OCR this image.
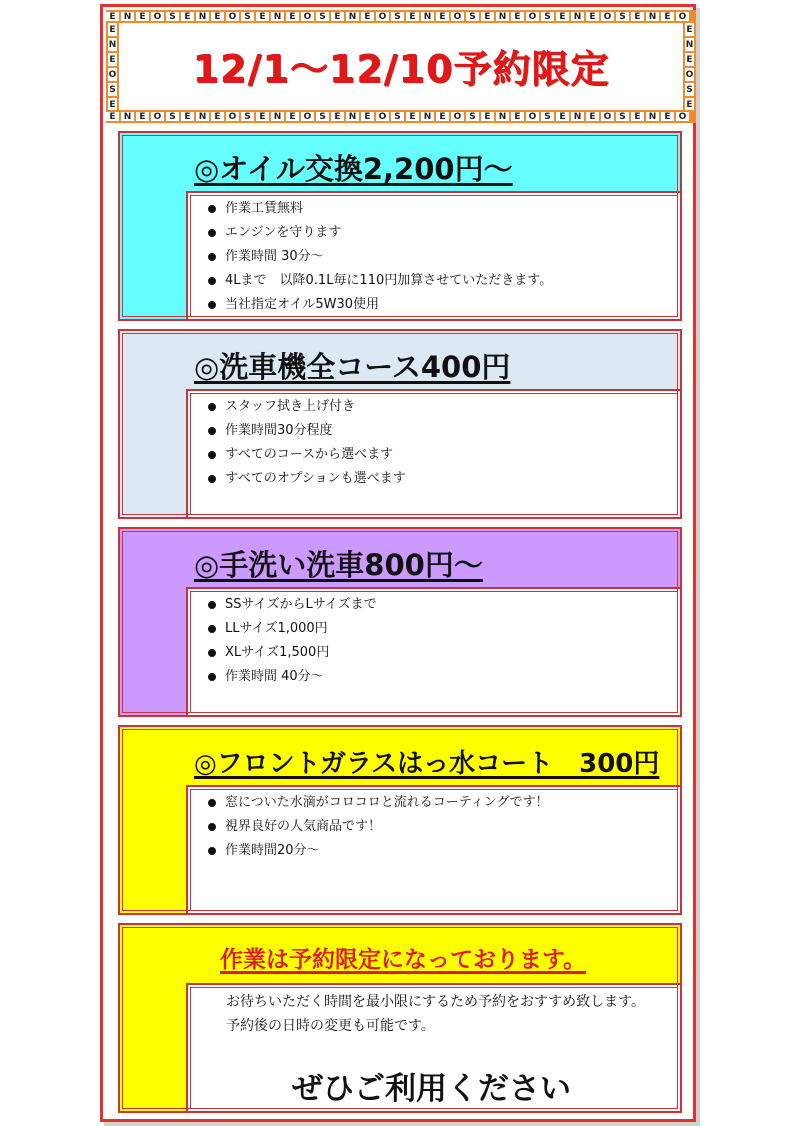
E N E O S E N E O S E N E O S E N E O S E N E O S E N E O S E N E O S E N E O
E N E O S E N E O S E N E O S E N E O S E N E O S E N E O S E N E O S E N E O
E
N
E
O
S
E
E
N
E
O
S
E
12/1～12/10予約限定
◎オイル交換2,200円～
作業工賃無料
エンジンを守ります
作業時間 30分～
4Lまで　以降0.1L毎に110円加算させていただきます。
当社指定オイル5W30使用
◎洗車機全コース400円
スタッフ拭き上げ付き
作業時間30分程度
すべてのコースから選べます
すべてのオプションも選べます
◎手洗い洗車800円～
SSサイズからLサイズまで
LLサイズ1,000円
XLサイズ1,500円
作業時間 40分～
◎フロントガラスはっ水コート　300円
窓についた水滴がコロコロと流れるコーティングです！
視界良好の人気商品です！
作業時間20分～
作業は予約限定になっております。
お待ちいただく時間を最小限にするため予約をおすすめ致します。
予約後の日時の変更も可能です。
ぜひご利用ください
